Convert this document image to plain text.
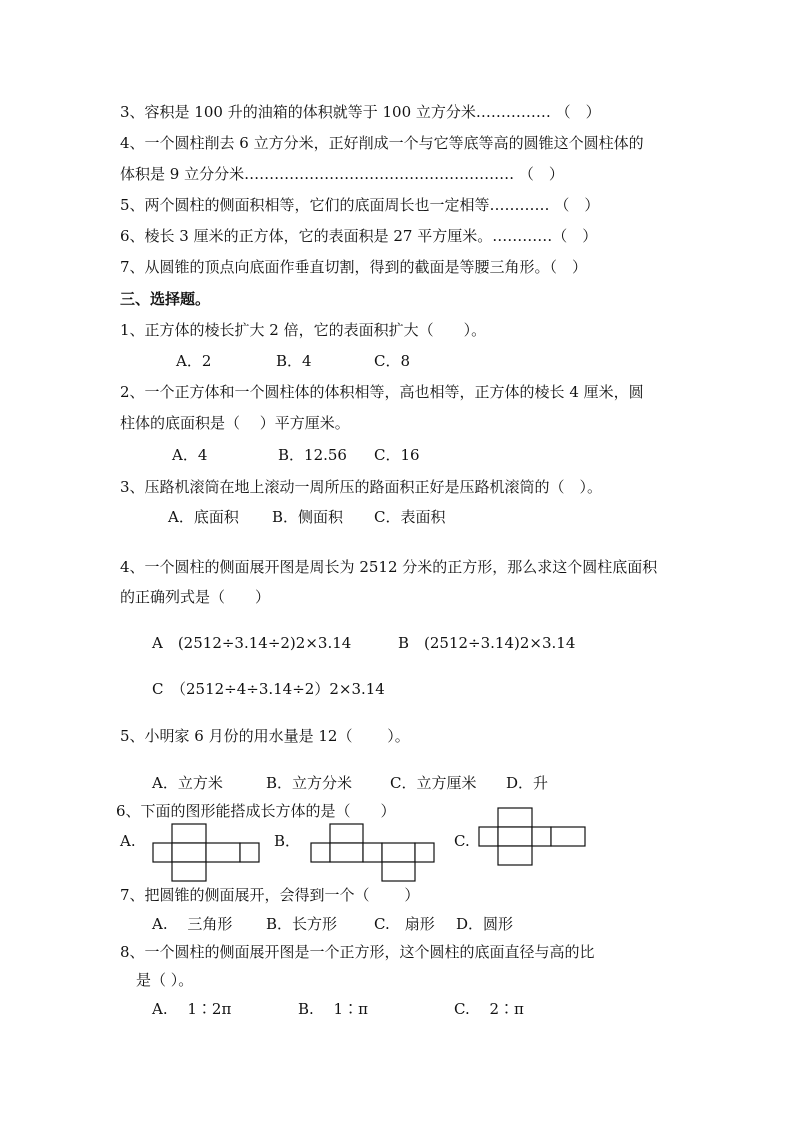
3、容积是 100 升的油箱的体积就等于 100 立方分米…………… （　）
4、一个圆柱削去 6 立方分米，正好削成一个与它等底等高的圆锥这个圆柱体的
体积是 9 立分分米……………………………………………… （　）
5、两个圆柱的侧面积相等，它们的底面周长也一定相等………… （　）
6、棱长 3 厘米的正方体，它的表面积是 27 平方厘米。…………（　）
7、从圆锥的顶点向底面作垂直切割，得到的截面是等腰三角形。（　）
三、选择题。
1、正方体的棱长扩大 2 倍，它的表面积扩大（　　）。
A．2	B．4	C．8
2、一个正方体和一个圆柱体的体积相等，高也相等，正方体的棱长 4 厘米，圆
柱体的底面积是（　 ）平方厘米。
A．4	B．12.56 C．16
3、压路机滚筒在地上滚动一周所压的路面积正好是压路机滚筒的（　）。
A．底面积 B．侧面积 C．表面积
4、一个圆柱的侧面展开图是周长为 2512 分米的正方形，那么求这个圆柱底面积
的正确列式是（　　）
A　(2512÷3.14÷2)2×3.14	B　(2512÷3.14)2×3.14
C　（2512÷4÷3.14÷2）2×3.14
5、小明家 6 月份的用水量是 12（　　 ）。
A．立方米	B．立方分米	C．立方厘米 D．升
6、下面的图形能搭成长方体的是（　　）
A.	B．	C.
7、把圆锥的侧面展开，会得到一个（　　 ）
A.　 三角形 B．长方形 C.　扇形 D．圆形
8、一个圆柱的侧面展开图是一个正方形，这个圆柱的底面直径与高的比
是（ ）。
A.　 1∶2π	B.　 1∶π	C.　 2∶π
